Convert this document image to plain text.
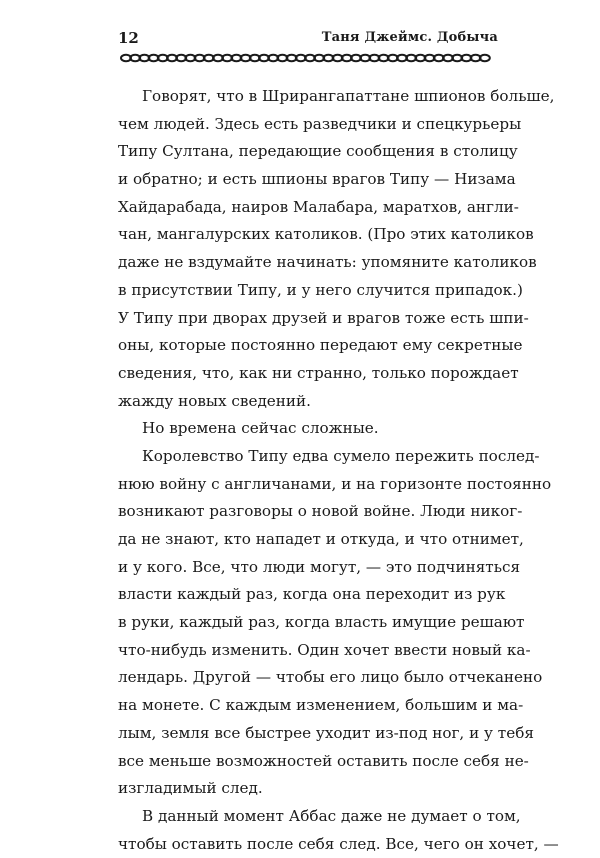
12	Таня Джеймс. Добыча
Говорят, что в Шрирангапаттане шпионов больше,
чем людей. Здесь есть разведчики и спецкурьеры
Типу Султана, передающие сообщения в столицу
и обратно; и есть шпионы врагов Типу — Низама
Хайдарабада, наиров Малабара, маратхов, англи-
чан, мангалурских католиков. (Про этих католиков
даже не вздумайте начинать: упомяните католиков
в присутствии Типу, и у него случится припадок.)
У Типу при дворах друзей и врагов тоже есть шпи-
оны, которые постоянно передают ему секретные
сведения, что, как ни странно, только порождает
жажду новых сведений.
Но времена сейчас сложные.
Королевство Типу едва сумело пережить послед-
нюю войну с англичанами, и на горизонте постоянно
возникают разговоры о новой войне. Люди никог-
да не знают, кто нападет и откуда, и что отнимет,
и у кого. Все, что люди могут, — это подчиняться
власти каждый раз, когда она переходит из рук
в руки, каждый раз, когда власть имущие решают
что-нибудь изменить. Один хочет ввести новый ка-
лендарь. Другой — чтобы его лицо было отчеканено
на монете. С каждым изменением, большим и ма-
лым, земля все быстрее уходит из-под ног, и у тебя
все меньше возможностей оставить после себя не-
изгладимый след.
В данный момент Аббас даже не думает о том,
чтобы оставить после себя след. Все, чего он хочет, —
